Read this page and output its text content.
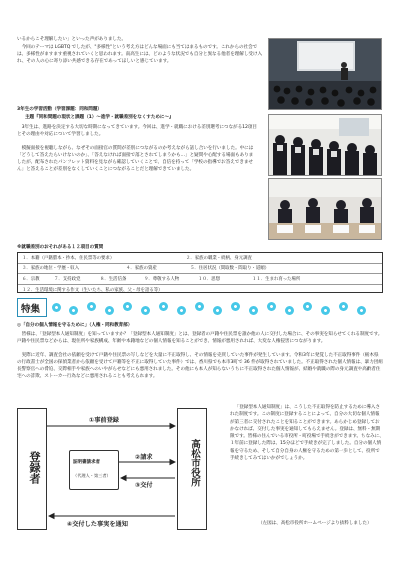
いるからこそ理解したい」といった声がありました。

今回のテーマは LGBTQ でしたが、"多様性"という考え方はどんな場面にも当てはまるものです。これからの社会では、多様性がますます重視されていくと思われます。南高生には、どのような状況でも自分と異なる他者を理解し受け入れ、その人の心に寄り添い共感できる存在であってほしいと感じています。

3年生の学習活動（学習課題：同和問題）

主題『同和問題の現状と課題（1）～進学・就職差別をなくすために～』

3年生は、進路を決定する大切な時期になってきています。今回は、進学・就職における差別選考につながる12項目とその理由や対応について学習しました。

模擬面接を視聴しながら、なぜその面接官の質問が差別につながるのか考えながら話し合いを行いました。中には「どうして答えたらいけないのか」、「答えなければ面接で落とされてしまうかも…」と疑問や心配する場面もありましたが、配布されたパンフレット資料を見ながら確認していくことで、自信を持って「学校の指導でお答えできません」と答えることが差別をなくしていくことにつながることだと理解できていました。

※就職差別のおそれがある１２項目の質問

１．本籍（戸籍謄本・抄本、住民票等の要求）	２．家族の職業・続柄、身元調査
３．家族の地位・学歴・収入	４．家族の資産	５．住居状況（間取数・間取り・道順）
６．宗教	７．支持政党	８．生活信条	９．尊敬する人物	１０．思想	１１．生まれ育った場所
１２．生活環境に関する作文（生いたち、私の家族、父・母を語る等）
特集

◎「自分の個人情報を守るために」（人権・同和教育部）

皆様は、「登録型本人通知制度」を知っていますか？「登録型本人通知制度」とは、登録者の戸籍や住民票を誰か他の人に交付した場合に、その事実を知らせてくれる制度です。戸籍や住民票などからは、現住所や家族構成、年齢や本籍地などの個人情報を知ることができ、情報が悪用されれば、大変な人権侵害につながります。

実際に近年、調査会社の依頼を受けて戸籍や住民票の写しなどを大量に不正取得し、その情報を売買していた事件が発生しています。令和3年に発覚した不正取得事件（栃木県の行政書士が全国の探偵業者から依頼を受けて戸籍等を不正に取得していた事件）では、香川県でも本市3町で 36 件が取得されていました。不正取得された個人情報は、暴力団組長警察官への脅迫、交際相手や家族へのいやがらせなどにも悪用されました。その他にも本人が知らないうちに不正取得された個人情報が、結婚や就職の際の身元調査や高齢者住宅への詐欺、ストーカー行為などに悪用されることも考えられます。

登録者	高松市役所
証明書請求者
（代理人・第三者）
①事前登録
②請求
③交付
④交付した事実を通知

「登録型本人通知制度」は、こうした不正取得を防止するために導入された制度です。この制度に登録することによって、自分の大切な個人情報が第三者に交付されたことを知ることができます。あらかじめ登録しておかなければ、交付した事実を通知してもらえません。登録は、無料・無期限です。皆様の住んでいる市役所・町役場で手続きができます。ちなみに、１年前に登録した際は、15分ほどで手続きが完了しました。自分の個人情報を守るため、そして自分自身の人権を守るための第一歩として、役所で手続きしてみてはいかがでしょうか。

（左図は、高松市役所ホームページより抜粋しました）
